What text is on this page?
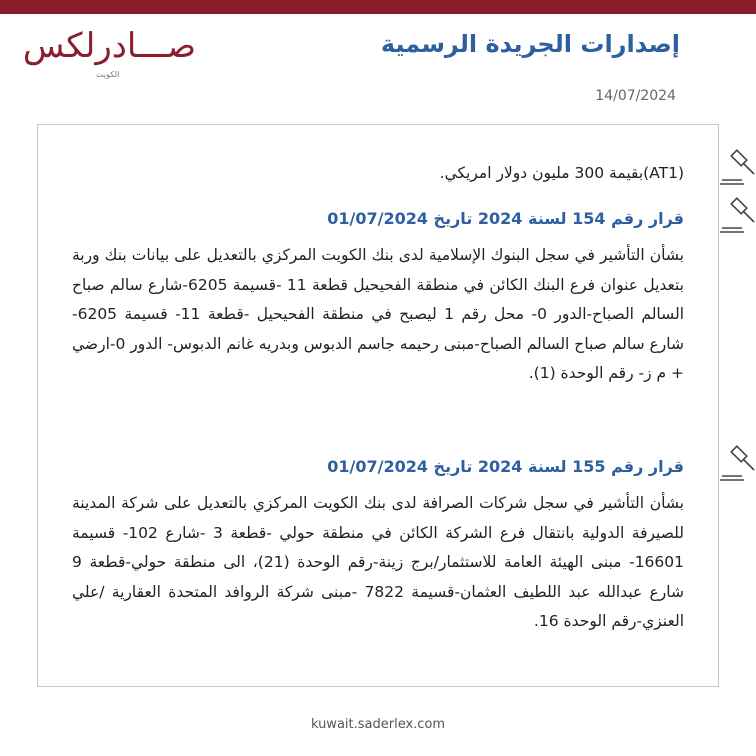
صـــادرلكس
الكويت
إصدارات الجريدة الرسمية
14/07/2024
(AT1)بقيمة 300 مليون دولار امريكي.
قرار رقم 154 لسنة 2024 تاريخ 01/07/2024
بشأن التأشير في سجل البنوك الإسلامية لدى بنك الكويت المركزي بالتعديل على بيانات بنك وربة بتعديل عنوان فرع البنك الكائن في منطقة الفحيحيل قطعة 11 -قسيمة 6205-شارع سالم صباح السالم الصباح-الدور 0- محل رقم 1 ليصبح في منطقة الفحيحيل -قطعة 11- قسيمة 6205- شارع سالم صباح السالم الصباح-مبنى رحيمه جاسم الدبوس وبدريه غانم الدبوس- الدور 0-ارضي + م ز- رقم الوحدة (1).
قرار رقم 155 لسنة 2024 تاريخ 01/07/2024
بشأن التأشير في سجل شركات الصرافة لدى بنك الكويت المركزي بالتعديل على شركة المدينة للصيرفة الدولية بانتقال فرع الشركة الكائن في منطقة حولي -قطعة 3 -شارع 102- قسيمة 16601- مبنى الهيئة العامة للاستثمار/برج زينة-رقم الوحدة (21)، الى منطقة حولي-قطعة 9 شارع عبدالله عبد اللطيف العثمان-قسيمة 7822 -مبنى شركة الروافد المتحدة العقارية /علي العنزي-رقم الوحدة 16.
kuwait.saderlex.com
